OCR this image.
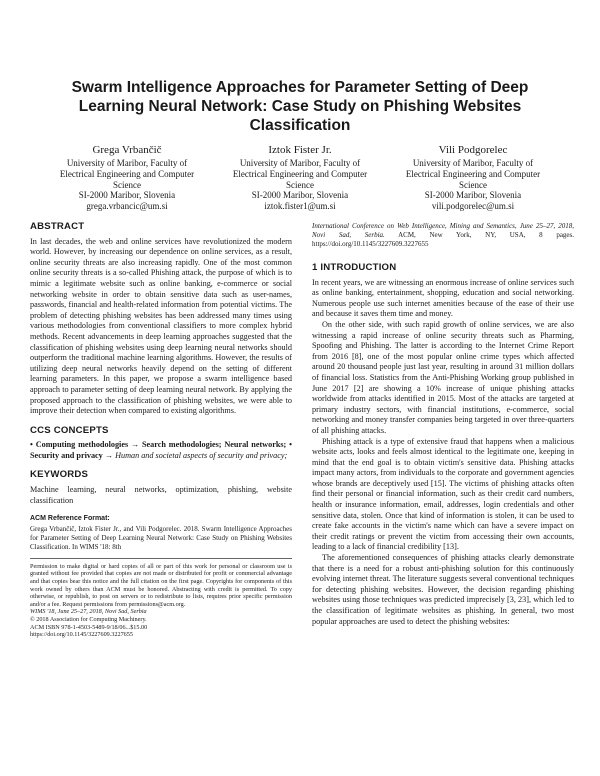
Swarm Intelligence Approaches for Parameter Setting of Deep Learning Neural Network: Case Study on Phishing Websites Classification
Grega Vrbančič
University of Maribor, Faculty of
Electrical Engineering and Computer
Science
SI-2000 Maribor, Slovenia
grega.vrbancic@um.si
Iztok Fister Jr.
University of Maribor, Faculty of
Electrical Engineering and Computer
Science
SI-2000 Maribor, Slovenia
iztok.fister1@um.si
Vili Podgorelec
University of Maribor, Faculty of
Electrical Engineering and Computer
Science
SI-2000 Maribor, Slovenia
vili.podgorelec@um.si
ABSTRACT

In last decades, the web and online services have revolutionized the modern world. However, by increasing our dependence on online services, as a result, online security threats are also increasing rapidly. One of the most common online security threats is a so-called Phishing attack, the purpose of which is to mimic a legitimate website such as online banking, e-commerce or social networking website in order to obtain sensitive data such as user-names, passwords, financial and health-related information from potential victims. The problem of detecting phishing websites has been addressed many times using various methodologies from conventional classifiers to more complex hybrid methods. Recent advancements in deep learning approaches suggested that the classification of phishing websites using deep learning neural networks should outperform the traditional machine learning algorithms. However, the results of utilizing deep neural networks heavily depend on the setting of different learning parameters. In this paper, we propose a swarm intelligence based approach to parameter setting of deep learning neural network. By applying the proposed approach to the classification of phishing websites, we were able to improve their detection when compared to existing algorithms.

CCS CONCEPTS

• Computing methodologies → Search methodologies; Neural networks; • Security and privacy → Human and societal aspects of security and privacy;

KEYWORDS

Machine learning, neural networks, optimization, phishing, website classification

ACM Reference Format:
Grega Vrbančič, Iztok Fister Jr., and Vili Podgorelec. 2018. Swarm Intelligence Approaches for Parameter Setting of Deep Learning Neural Network: Case Study on Phishing Websites Classification. In WIMS '18: 8th
Permission to make digital or hard copies of all or part of this work for personal or classroom use is granted without fee provided that copies are not made or distributed for profit or commercial advantage and that copies bear this notice and the full citation on the first page. Copyrights for components of this work owned by others than ACM must be honored. Abstracting with credit is permitted. To copy otherwise, or republish, to post on servers or to redistribute to lists, requires prior specific permission and/or a fee. Request permissions from permissions@acm.org.
WIMS '18, June 25–27, 2018, Novi Sad, Serbia
© 2018 Association for Computing Machinery.
ACM ISBN 978-1-4503-5489-9/18/06...$15.00
https://doi.org/10.1145/3227609.3227655

International Conference on Web Intelligence, Mining and Semantics, June 25–27, 2018, Novi Sad, Serbia. ACM, New York, NY, USA, 8 pages. https://doi.org/10.1145/3227609.3227655

1 INTRODUCTION

In recent years, we are witnessing an enormous increase of online services such as online banking, entertainment, shopping, education and social networking. Numerous people use such internet amenities because of the ease of their use and because it saves them time and money.

On the other side, with such rapid growth of online services, we are also witnessing a rapid increase of online security threats such as Pharming, Spoofing and Phishing. The latter is according to the Internet Crime Report from 2016 [8], one of the most popular online crime types which affected around 20 thousand people just last year, resulting in around 31 million dollars of financial loss. Statistics from the Anti-Phishing Working group published in June 2017 [2] are showing a 10% increase of unique phishing attacks worldwide from attacks identified in 2015. Most of the attacks are targeted at primary industry sectors, with financial institutions, e-commerce, social networking and money transfer companies being targeted in over three-quarters of all phishing attacks.

Phishing attack is a type of extensive fraud that happens when a malicious website acts, looks and feels almost identical to the legitimate one, keeping in mind that the end goal is to obtain victim's sensitive data. Phishing attacks impact many actors, from individuals to the corporate and government agencies whose brands are deceptively used [15]. The victims of phishing attacks often find their personal or financial information, such as their credit card numbers, health or insurance information, email, addresses, login credentials and other sensitive data, stolen. Once that kind of information is stolen, it can be used to create fake accounts in the victim's name which can have a severe impact on their credit ratings or prevent the victim from accessing their own accounts, leading to a lack of financial credibility [13].

The aforementioned consequences of phishing attacks clearly demonstrate that there is a need for a robust anti-phishing solution for this continuously evolving internet threat. The literature suggests several conventional techniques for detecting phishing websites. However, the decision regarding phishing websites using those techniques was predicted imprecisely [3, 23], which led to the classification of legitimate websites as phishing. In general, two most popular approaches are used to detect the phishing websites:
